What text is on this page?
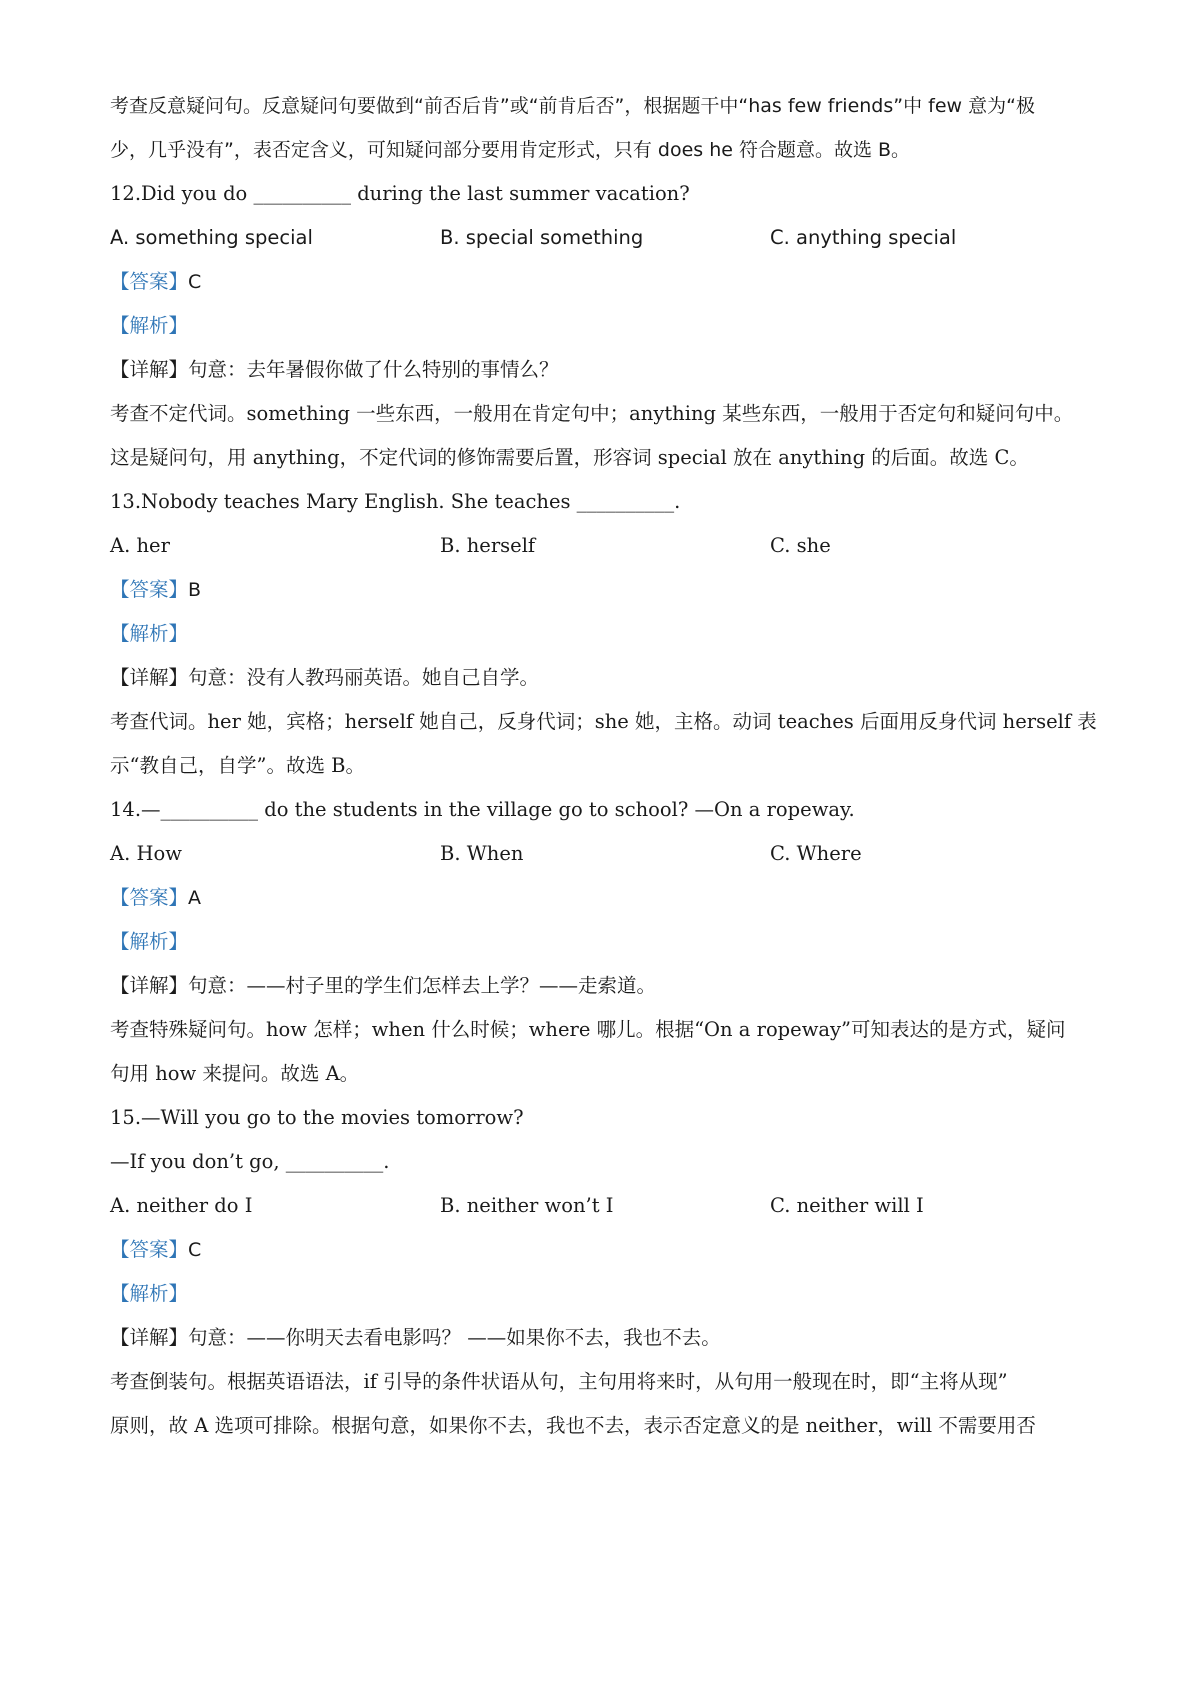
考查反意疑问句。反意疑问句要做到“前否后肯”或“前肯后否”，根据题干中“has few friends”中 few 意为“极
少，几乎没有”，表否定含义，可知疑问部分要用肯定形式，只有 does he 符合题意。故选 B。
12.Did you do __________ during the last summer vacation?
A. something special	B. special something	C. anything special
【答案】C
【解析】
【详解】句意：去年暑假你做了什么特别的事情么？
考查不定代词。something 一些东西，一般用在肯定句中；anything 某些东西，一般用于否定句和疑问句中。
这是疑问句，用 anything，不定代词的修饰需要后置，形容词 special 放在 anything 的后面。故选 C。
13.Nobody teaches Mary English. She teaches __________.
A. her	B. herself	C. she
【答案】B
【解析】
【详解】句意：没有人教玛丽英语。她自己自学。
考查代词。her 她，宾格；herself 她自己，反身代词；she 她，主格。动词 teaches 后面用反身代词 herself 表
示“教自己，自学”。故选 B。
14.—__________ do the students in the village go to school? —On a ropeway.
A. How	B. When	C. Where
【答案】A
【解析】
【详解】句意：——村子里的学生们怎样去上学？——走索道。
考查特殊疑问句。how 怎样；when 什么时候；where 哪儿。根据“On a ropeway”可知表达的是方式，疑问
句用 how 来提问。故选 A。
15.—Will you go to the movies tomorrow?
—If you don’t go, __________.
A. neither do I	B. neither won’t I	C. neither will I
【答案】C
【解析】
【详解】句意：——你明天去看电影吗？ ——如果你不去，我也不去。
考查倒装句。根据英语语法，if 引导的条件状语从句，主句用将来时，从句用一般现在时，即“主将从现”
原则，故 A 选项可排除。根据句意，如果你不去，我也不去，表示否定意义的是 neither，will 不需要用否
